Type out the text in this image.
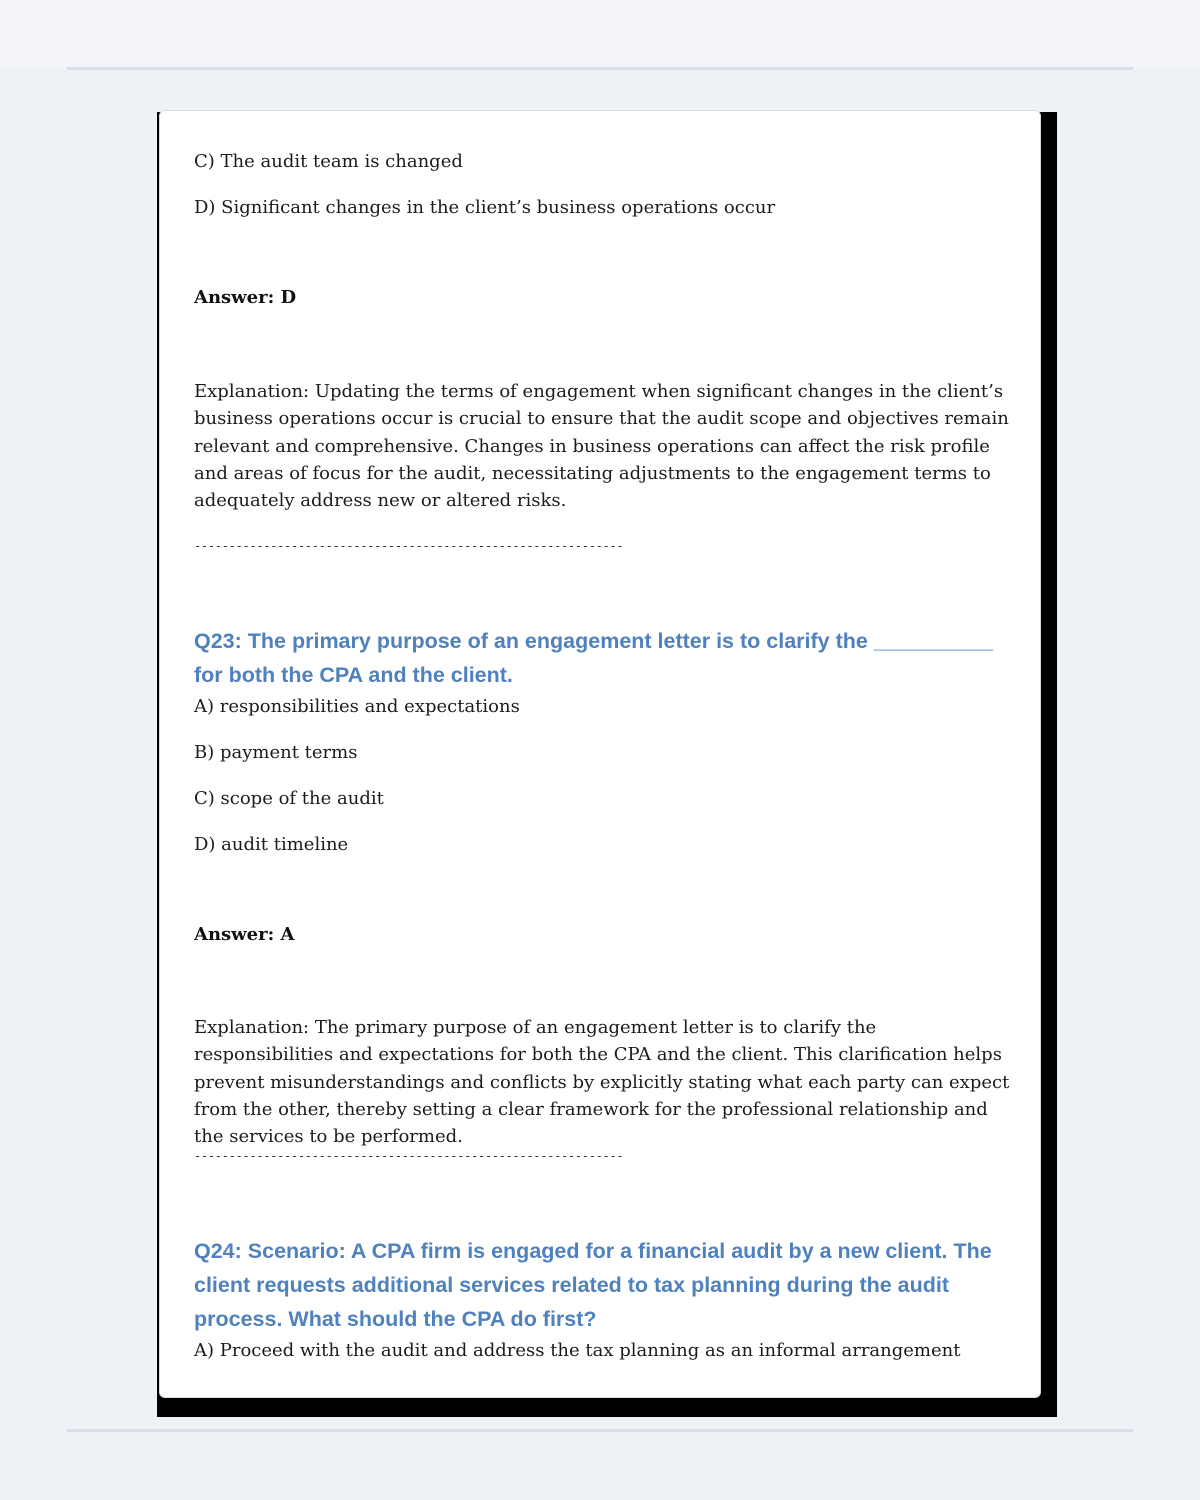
C) The audit team is changed
D) Significant changes in the client’s business operations occur
Answer: D
Explanation: Updating the terms of engagement when significant changes in the client’s business operations occur is crucial to ensure that the audit scope and objectives remain relevant and comprehensive. Changes in business operations can affect the risk profile and areas of focus for the audit, necessitating adjustments to the engagement terms to adequately address new or altered risks.
--------------------------------------------------------------
Q23: The primary purpose of an engagement letter is to clarify the __________ for both the CPA and the client.
A) responsibilities and expectations
B) payment terms
C) scope of the audit
D) audit timeline
Answer: A
Explanation: The primary purpose of an engagement letter is to clarify the responsibilities and expectations for both the CPA and the client. This clarification helps prevent misunderstandings and conflicts by explicitly stating what each party can expect from the other, thereby setting a clear framework for the professional relationship and the services to be performed.
--------------------------------------------------------------
Q24: Scenario: A CPA firm is engaged for a financial audit by a new client. The client requests additional services related to tax planning during the audit process. What should the CPA do first?
A) Proceed with the audit and address the tax planning as an informal arrangement
